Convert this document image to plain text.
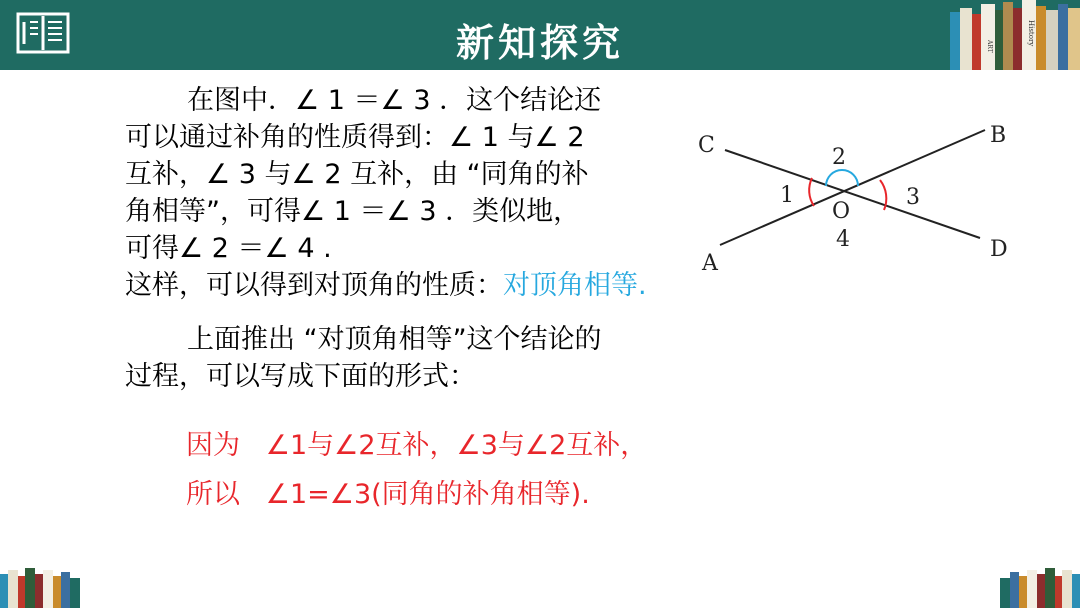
新知探究	ART
History
在图中．∠ 1 ＝∠ 3 ．这个结论还
可以通过补角的性质得到：∠ 1 与∠ 2
互补，∠ 3 与∠ 2 互补，由 “同角的补
角相等”，可得∠ 1 ＝∠ 3 ．类似地，
可得∠ 2 ＝∠ 4 .
这样，可以得到对顶角的性质：对顶角相等.
上面推出 “对顶角相等”这个结论的
过程，可以写成下面的形式：
因为   ∠1与∠2互补，∠3与∠2互补，
所以   ∠1=∠3(同角的补角相等).
C	B
A
D
O
1
2
3
4
